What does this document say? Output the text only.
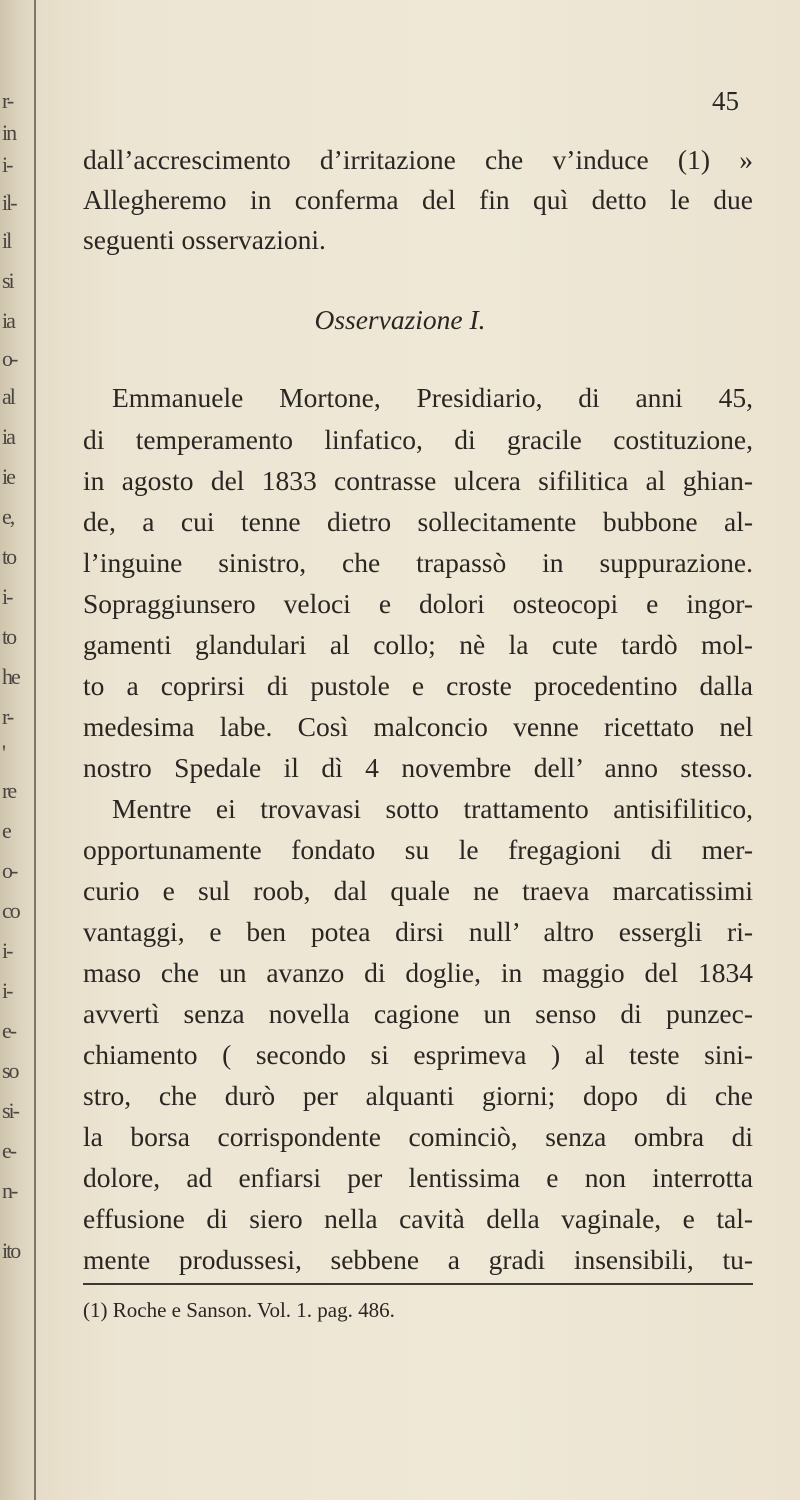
r-
in
i-
il-
il
si
ia
o-
al
ia
ie
e,
to
i-
to
he
r-
'
re
e
o-
co
i-
i-
e-
so
si-
e-
n-
ito

45

dall’accrescimento d’irritazione che v’induce (1) »

Allegheremo in conferma del fin quì detto le due

seguenti osservazioni.

Osservazione I.

Emmanuele Mortone, Presidiario, di anni 45,

di temperamento linfatico, di gracile costituzione,

in agosto del 1833 contrasse ulcera sifilitica al ghian-

de, a cui tenne dietro sollecitamente bubbone al-

l’inguine sinistro, che trapassò in suppurazione.

Sopraggiunsero veloci e dolori osteocopi e ingor-

gamenti glandulari al collo; nè la cute tardò mol-

to a coprirsi di pustole e croste procedentino dalla

medesima labe. Così malconcio venne ricettato nel

nostro Spedale il dì 4 novembre dell’ anno stesso.

Mentre ei trovavasi sotto trattamento antisifilitico,

opportunamente fondato su le fregagioni di mer-

curio e sul roob, dal quale ne traeva marcatissimi

vantaggi, e ben potea dirsi null’ altro essergli ri-

maso che un avanzo di doglie, in maggio del 1834

avvertì senza novella cagione un senso di punzec-

chiamento ( secondo si esprimeva ) al teste sini-

stro, che durò per alquanti giorni; dopo di che

la borsa corrispondente cominciò, senza ombra di

dolore, ad enfiarsi per lentissima e non interrotta

effusione di siero nella cavità della vaginale, e tal-

mente produssesi, sebbene a gradi insensibili, tu-

(1) Roche e Sanson. Vol. 1. pag. 486.
